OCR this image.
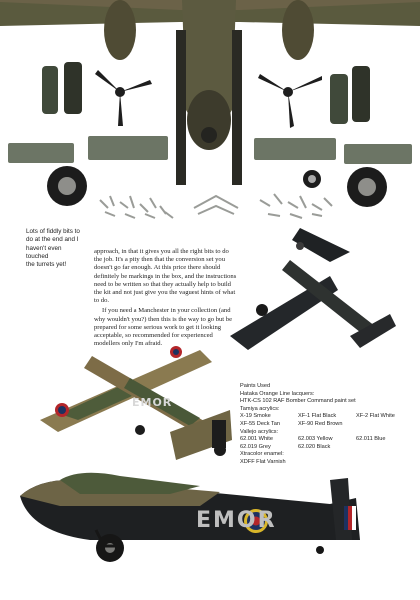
EMOR
EMOR
Lots of fiddly bits to
do at the end and I
haven't even touched
the turrets yet!

approach, in that it gives you all the right bits to do the job. It's a pity then that the conversion set you doesn't go far enough. At this price there should definitely be markings in the box, and the instructions need to be written so that they actually help to build the kit and not just give you the vaguest hints of what to do.

If you need a Manchester in your collection (and why wouldn't you?) then this is the way to go but be prepared for some serious work to get it looking acceptable, so recommended for experienced modellers only I'm afraid.

Paints Used
Hataka Orange Line lacquers:
HTK-CS 102 RAF Bomber Command paint set
Tamiya acrylics:
X-19 Smoke	XF-1 Flat Black	XF-2 Flat White
XF-55 Deck Tan	XF-90 Red Brown
Vallejo acrylics:
62.001 White	62.003 Yellow	62.011 Blue
62.019 Grey	62.020 Black
Xtracolor enamel:
XDFF Flat Varnish
